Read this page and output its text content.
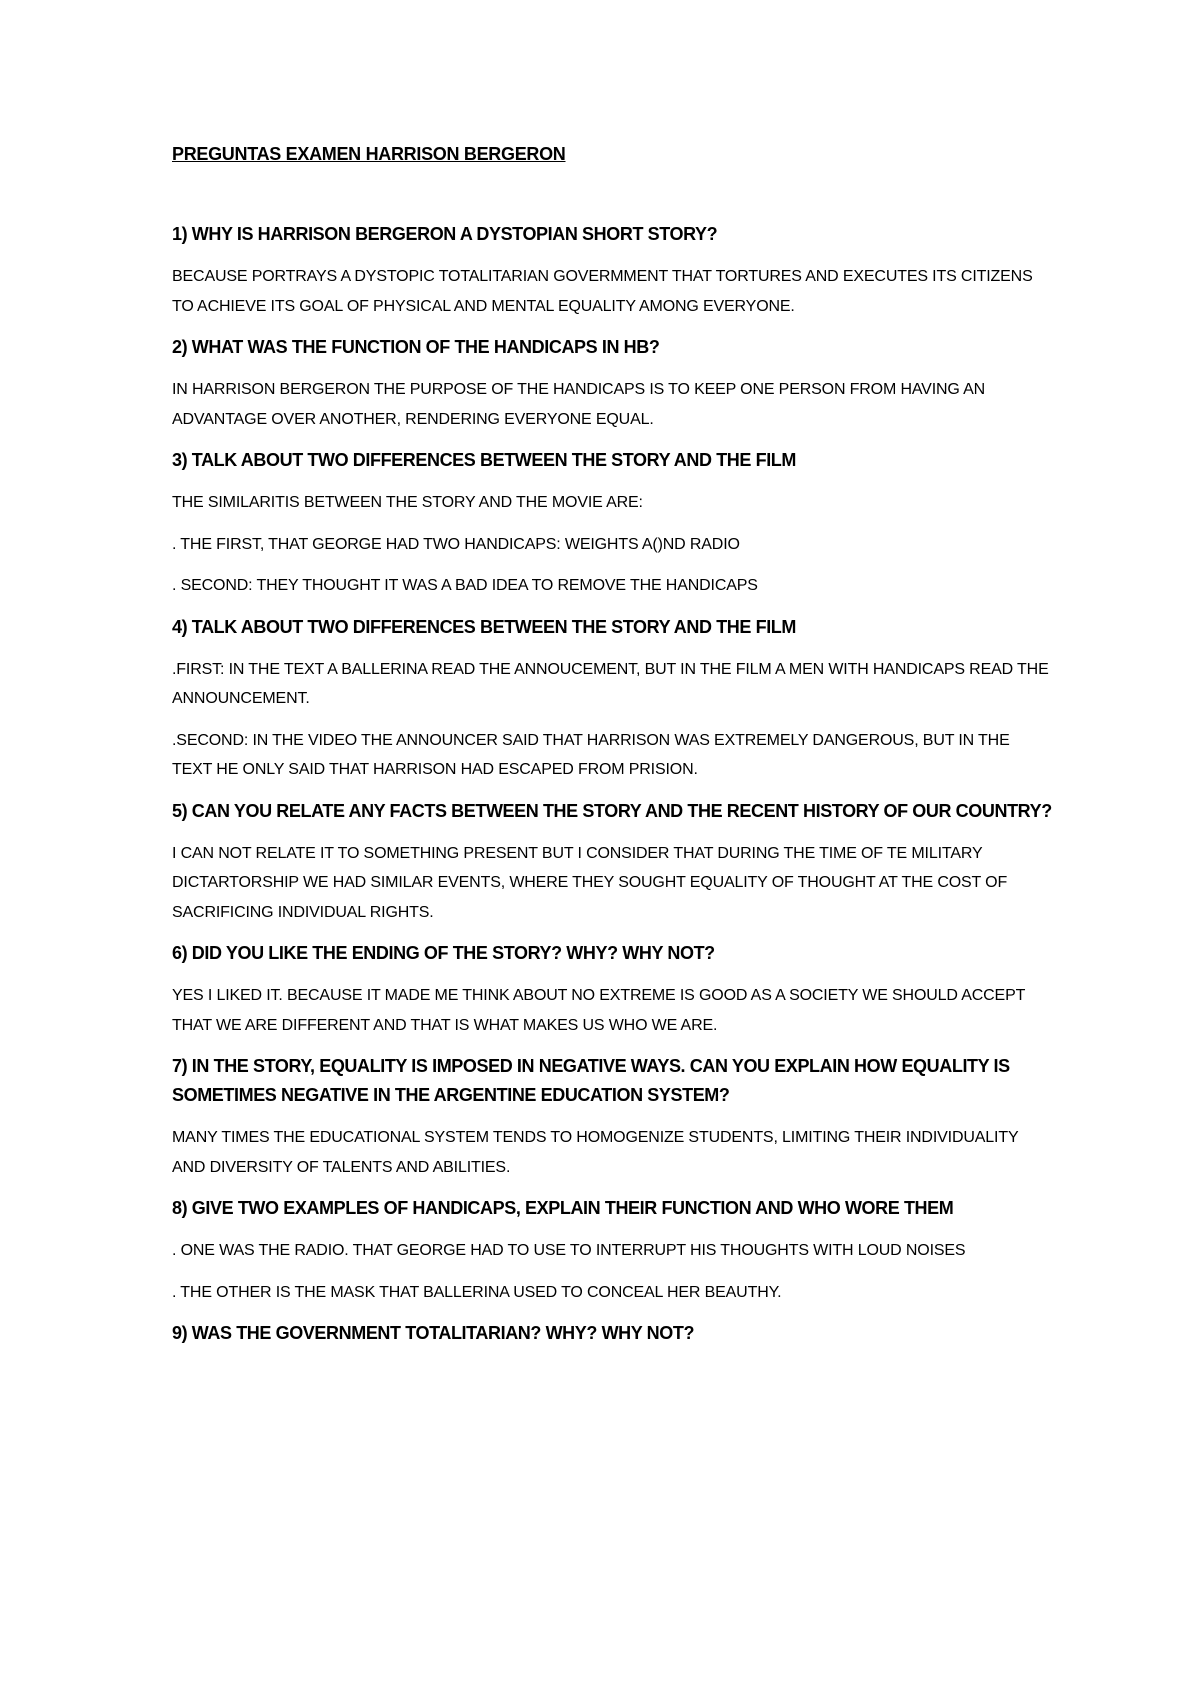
PREGUNTAS EXAMEN HARRISON BERGERON
1) WHY IS HARRISON BERGERON A DYSTOPIAN SHORT STORY?
BECAUSE PORTRAYS A DYSTOPIC TOTALITARIAN GOVERMMENT THAT TORTURES AND EXECUTES ITS CITIZENS TO ACHIEVE ITS GOAL OF PHYSICAL AND MENTAL EQUALITY AMONG EVERYONE.
2) WHAT WAS THE FUNCTION OF THE HANDICAPS IN HB?
IN HARRISON BERGERON THE PURPOSE OF THE HANDICAPS IS TO KEEP ONE PERSON FROM HAVING AN ADVANTAGE OVER ANOTHER, RENDERING EVERYONE EQUAL.
3) TALK ABOUT TWO DIFFERENCES BETWEEN THE STORY AND THE FILM
THE SIMILARITIS BETWEEN THE STORY AND THE MOVIE ARE:
. THE FIRST, THAT GEORGE HAD TWO HANDICAPS: WEIGHTS A()ND RADIO
. SECOND: THEY THOUGHT IT WAS A BAD IDEA TO REMOVE THE HANDICAPS
4) TALK ABOUT TWO DIFFERENCES BETWEEN THE STORY AND THE FILM
.FIRST: IN THE TEXT A BALLERINA READ THE ANNOUCEMENT, BUT IN THE FILM A MEN WITH HANDICAPS READ THE ANNOUNCEMENT.
.SECOND: IN THE VIDEO THE ANNOUNCER SAID THAT HARRISON WAS EXTREMELY DANGEROUS, BUT IN THE TEXT HE ONLY SAID THAT HARRISON HAD ESCAPED FROM PRISION.
5) CAN YOU RELATE ANY FACTS BETWEEN THE STORY AND THE RECENT HISTORY OF OUR COUNTRY?
I CAN NOT RELATE IT TO SOMETHING PRESENT BUT I CONSIDER THAT DURING THE TIME OF TE MILITARY DICTARTORSHIP WE HAD SIMILAR EVENTS, WHERE THEY SOUGHT EQUALITY OF THOUGHT AT THE COST OF SACRIFICING INDIVIDUAL RIGHTS.
6) DID YOU LIKE THE ENDING OF THE STORY? WHY? WHY NOT?
YES I LIKED IT. BECAUSE IT MADE ME THINK ABOUT NO EXTREME IS GOOD AS A SOCIETY WE SHOULD ACCEPT THAT WE ARE DIFFERENT AND THAT IS WHAT MAKES US WHO WE ARE.
7) IN THE STORY, EQUALITY IS IMPOSED IN NEGATIVE WAYS. CAN YOU EXPLAIN HOW EQUALITY IS SOMETIMES NEGATIVE IN THE ARGENTINE EDUCATION SYSTEM?
MANY TIMES THE EDUCATIONAL SYSTEM TENDS TO HOMOGENIZE STUDENTS, LIMITING THEIR INDIVIDUALITY AND DIVERSITY OF TALENTS AND ABILITIES.
8) GIVE TWO EXAMPLES OF HANDICAPS, EXPLAIN THEIR FUNCTION AND WHO WORE THEM
. ONE WAS THE RADIO. THAT GEORGE HAD TO USE TO INTERRUPT HIS THOUGHTS WITH LOUD NOISES
. THE OTHER IS THE MASK THAT BALLERINA USED TO CONCEAL HER BEAUTHY.
9) WAS THE GOVERNMENT TOTALITARIAN? WHY? WHY NOT?
